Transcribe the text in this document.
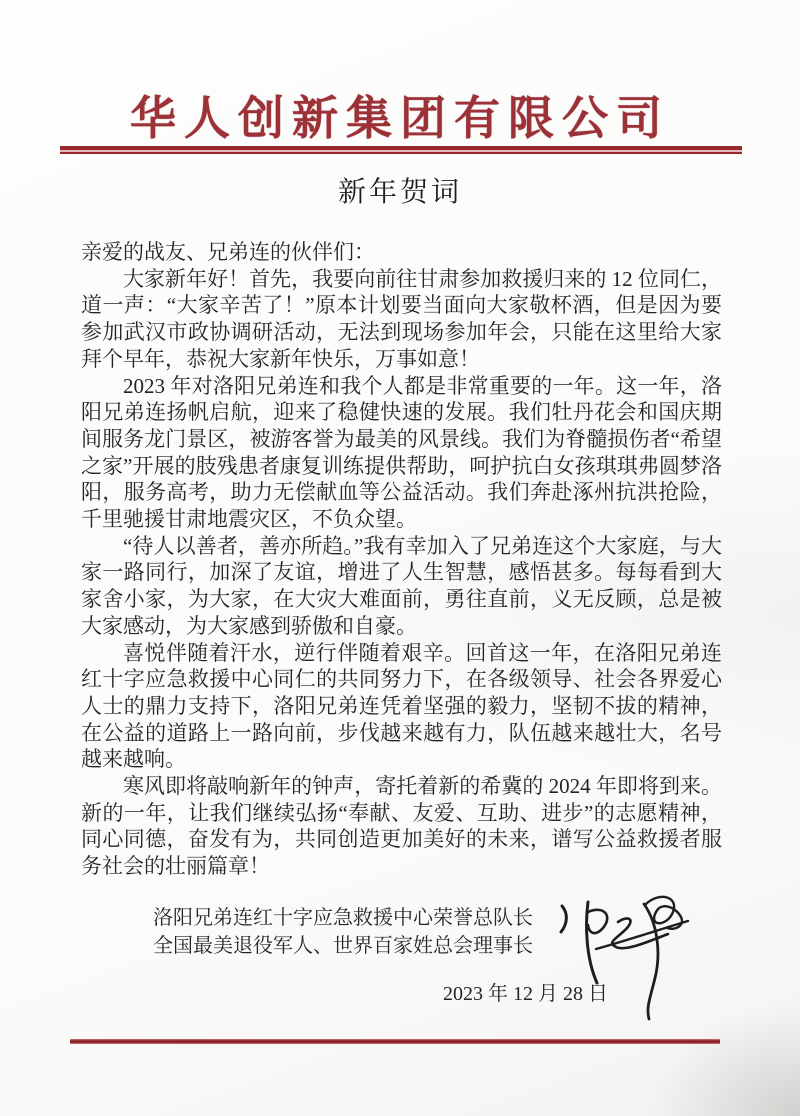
华人创新集团有限公司
新年贺词

亲爱的战友、兄弟连的伙伴们：

大家新年好！首先，我要向前往甘肃参加救援归来的 12 位同仁，道一声：“大家辛苦了！”原本计划要当面向大家敬杯酒，但是因为要参加武汉市政协调研活动，无法到现场参加年会，只能在这里给大家拜个早年，恭祝大家新年快乐，万事如意！

2023 年对洛阳兄弟连和我个人都是非常重要的一年。这一年，洛阳兄弟连扬帆启航，迎来了稳健快速的发展。我们牡丹花会和国庆期间服务龙门景区，被游客誉为最美的风景线。我们为脊髓损伤者“希望之家”开展的肢残患者康复训练提供帮助，呵护抗白女孩琪琪弗圆梦洛阳，服务高考，助力无偿献血等公益活动。我们奔赴涿州抗洪抢险，千里驰援甘肃地震灾区，不负众望。

“待人以善者，善亦所趋。”我有幸加入了兄弟连这个大家庭，与大家一路同行，加深了友谊，增进了人生智慧，感悟甚多。每每看到大家舍小家，为大家，在大灾大难面前，勇往直前，义无反顾，总是被大家感动，为大家感到骄傲和自豪。

喜悦伴随着汗水，逆行伴随着艰辛。回首这一年，在洛阳兄弟连红十字应急救援中心同仁的共同努力下，在各级领导、社会各界爱心人士的鼎力支持下，洛阳兄弟连凭着坚强的毅力，坚韧不拔的精神，在公益的道路上一路向前，步伐越来越有力，队伍越来越壮大，名号越来越响。

寒风即将敲响新年的钟声，寄托着新的希冀的 2024 年即将到来。新的一年，让我们继续弘扬“奉献、友爱、互助、进步”的志愿精神，同心同德，奋发有为，共同创造更加美好的未来，谱写公益救援者服务社会的壮丽篇章！

洛阳兄弟连红十字应急救援中心荣誉总队长
全国最美退役军人、世界百家姓总会理事长
2023 年 12 月 28 日
